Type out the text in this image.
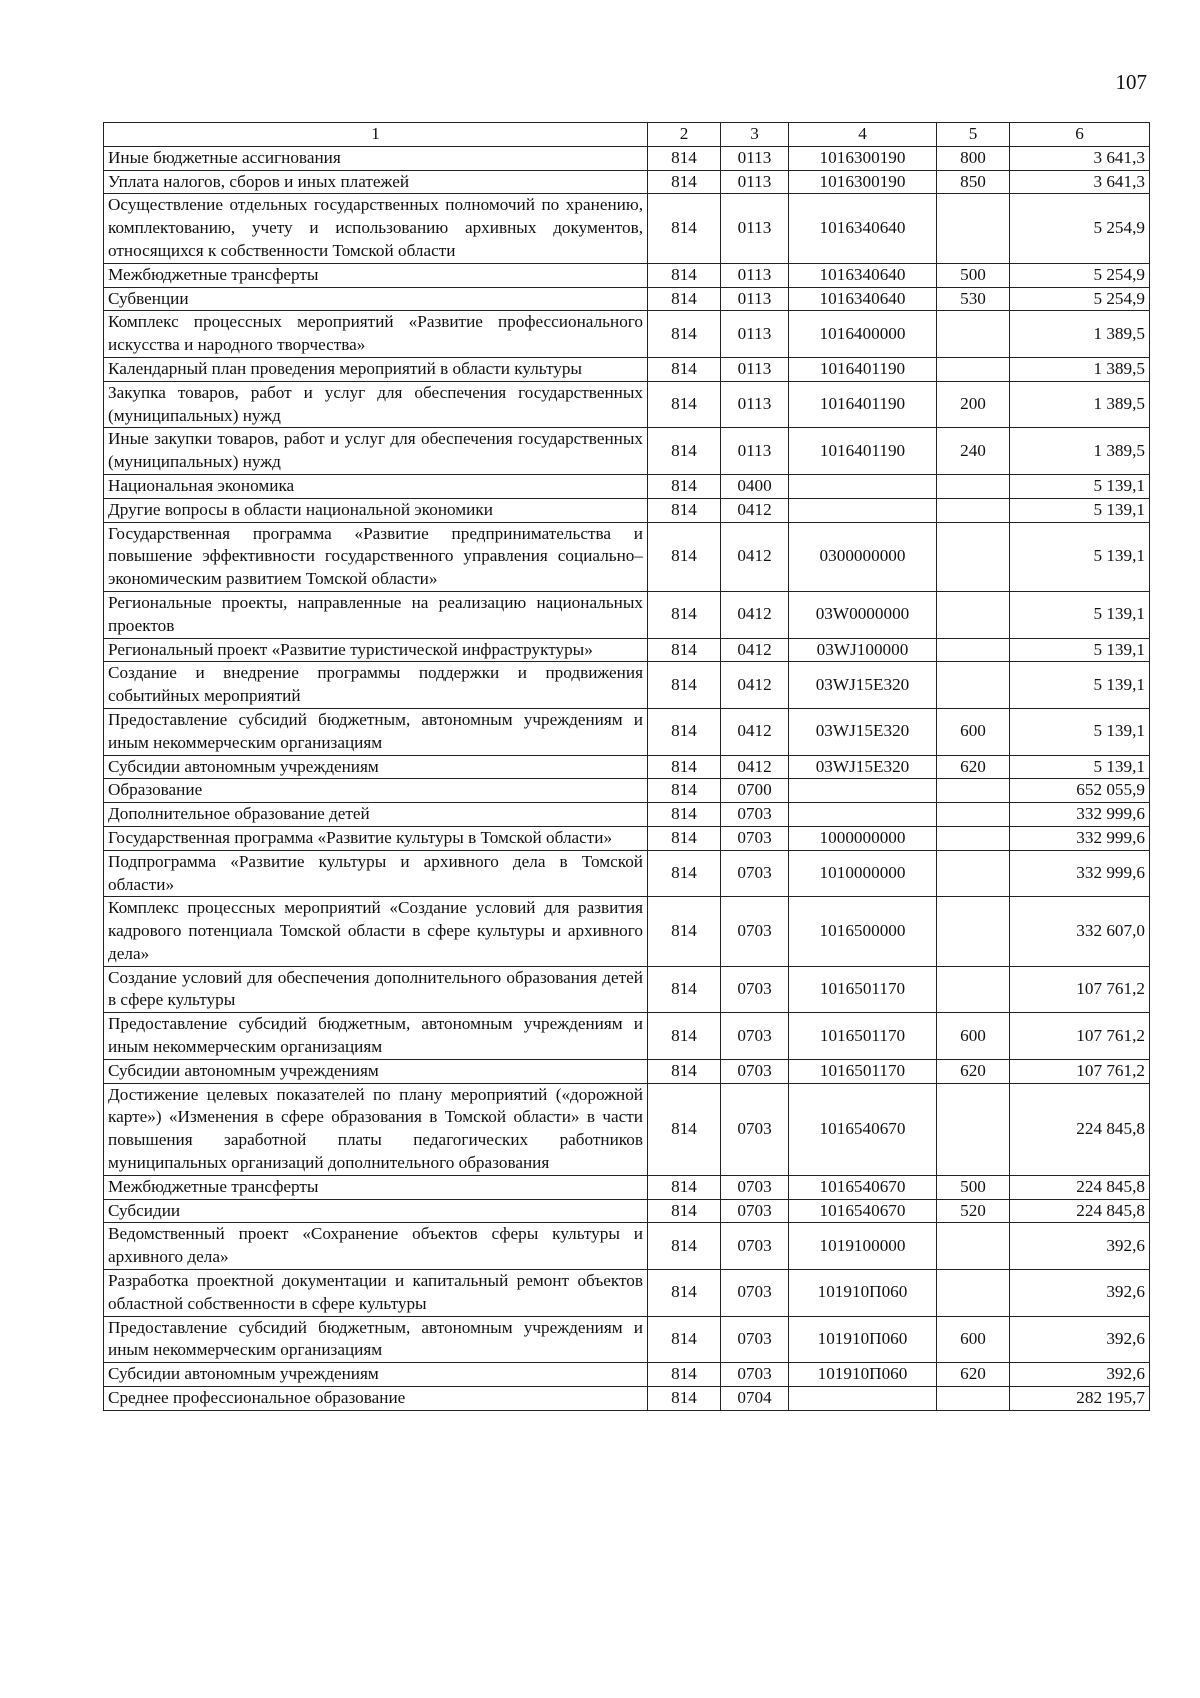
107
1	2	3	4	5	6
Иные бюджетные ассигнования	814	0113	1016300190	800	3 641,3
Уплата налогов, сборов и иных платежей	814	0113	1016300190	850	3 641,3
Осуществление отдельных государственных полномочий по хранению, комплектованию, учету и использованию архивных документов, относящихся к собственности Томской области	814	0113	1016340640		5 254,9
Межбюджетные трансферты	814	0113	1016340640	500	5 254,9
Субвенции	814	0113	1016340640	530	5 254,9
Комплекс процессных мероприятий «Развитие профессионального искусства и народного творчества»	814	0113	1016400000		1 389,5
Календарный план проведения мероприятий в области культуры	814	0113	1016401190		1 389,5
Закупка товаров, работ и услуг для обеспечения государственных (муниципальных) нужд	814	0113	1016401190	200	1 389,5
Иные закупки товаров, работ и услуг для обеспечения государственных (муниципальных) нужд	814	0113	1016401190	240	1 389,5
Национальная экономика	814	0400			5 139,1
Другие вопросы в области национальной экономики	814	0412			5 139,1
Государственная программа «Развитие предпринимательства и повышение эффективности государственного управления социально–экономическим развитием Томской области»	814	0412	0300000000		5 139,1
Региональные проекты, направленные на реализацию национальных проектов	814	0412	03W0000000		5 139,1
Региональный проект «Развитие туристической инфраструктуры»	814	0412	03WJ100000		5 139,1
Создание и внедрение программы поддержки и продвижения событийных мероприятий	814	0412	03WJ15E320		5 139,1
Предоставление субсидий бюджетным, автономным учреждениям и иным некоммерческим организациям	814	0412	03WJ15E320	600	5 139,1
Субсидии автономным учреждениям	814	0412	03WJ15E320	620	5 139,1
Образование	814	0700			652 055,9
Дополнительное образование детей	814	0703			332 999,6
Государственная программа «Развитие культуры в Томской области»	814	0703	1000000000		332 999,6
Подпрограмма «Развитие культуры и архивного дела в Томской области»	814	0703	1010000000		332 999,6
Комплекс процессных мероприятий «Создание условий для развития кадрового потенциала Томской области в сфере культуры и архивного дела»	814	0703	1016500000		332 607,0
Создание условий для обеспечения дополнительного образования детей в сфере культуры	814	0703	1016501170		107 761,2
Предоставление субсидий бюджетным, автономным учреждениям и иным некоммерческим организациям	814	0703	1016501170	600	107 761,2
Субсидии автономным учреждениям	814	0703	1016501170	620	107 761,2
Достижение целевых показателей по плану мероприятий («дорожной карте») «Изменения в сфере образования в Томской области» в части повышения заработной платы педагогических работников муниципальных организаций дополнительного образования	814	0703	1016540670		224 845,8
Межбюджетные трансферты	814	0703	1016540670	500	224 845,8
Субсидии	814	0703	1016540670	520	224 845,8
Ведомственный проект «Сохранение объектов сферы культуры и архивного дела»	814	0703	1019100000		392,6
Разработка проектной документации и капитальный ремонт объектов областной собственности в сфере культуры	814	0703	101910П060		392,6
Предоставление субсидий бюджетным, автономным учреждениям и иным некоммерческим организациям	814	0703	101910П060	600	392,6
Субсидии автономным учреждениям	814	0703	101910П060	620	392,6
Среднее профессиональное образование	814	0704			282 195,7
